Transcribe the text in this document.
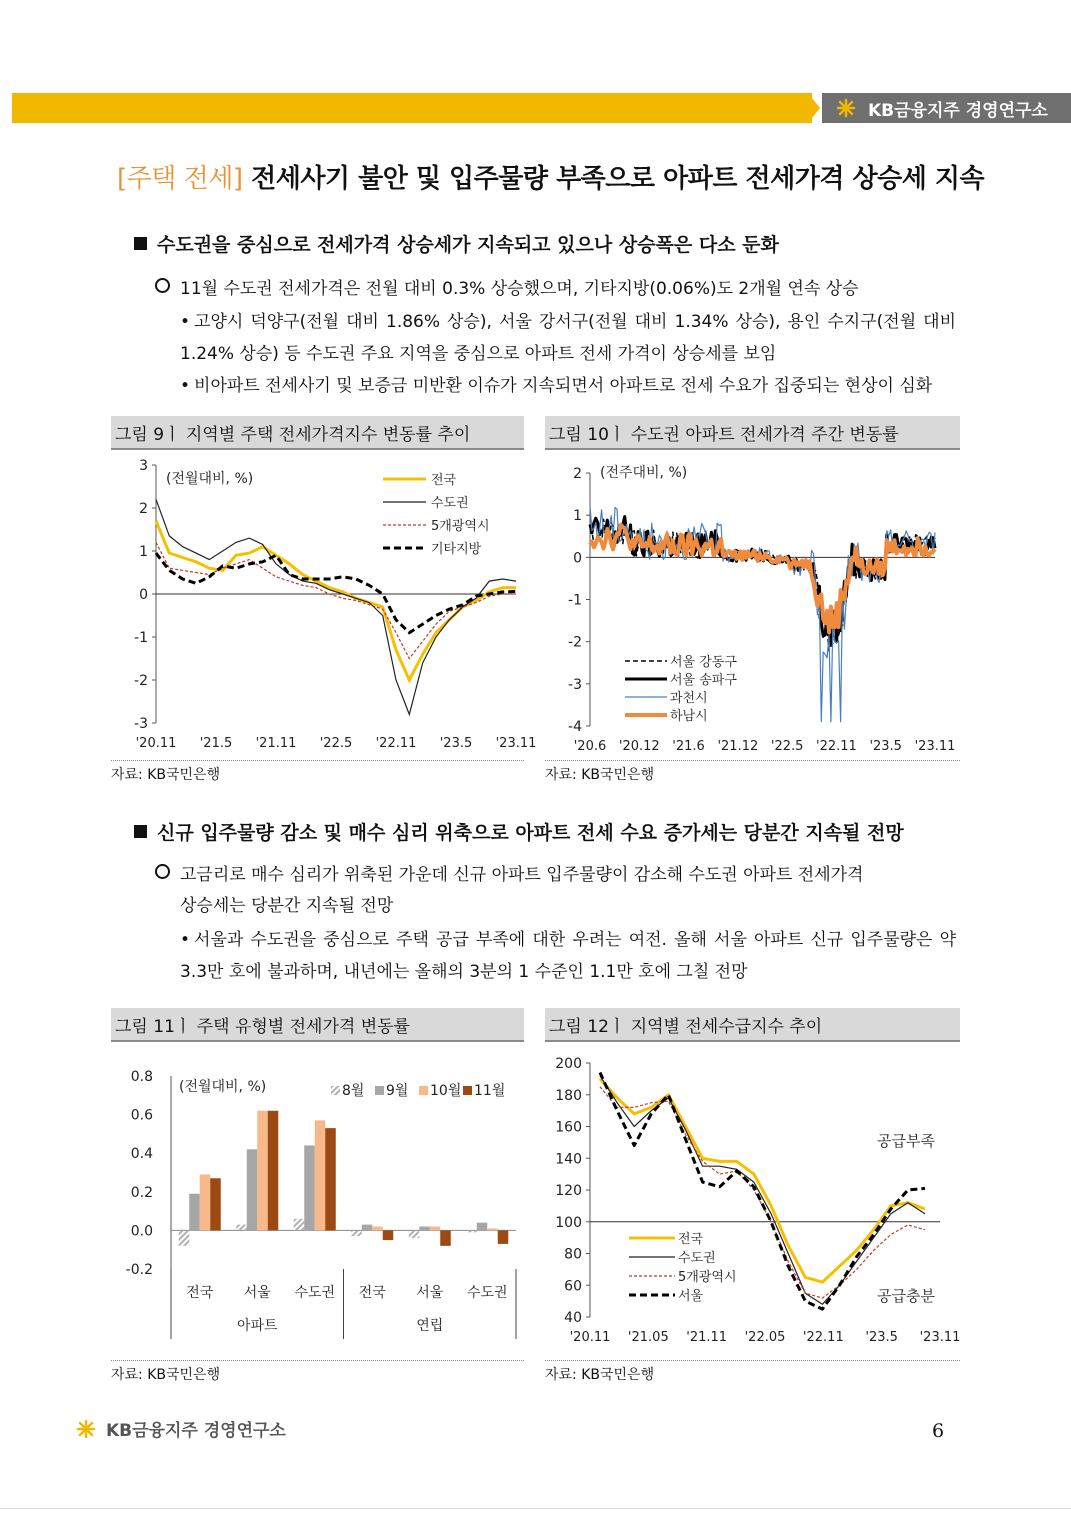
KB금융지주 경영연구소
[주택 전세] 전세사기 불안 및 입주물량 부족으로 아파트 전세가격 상승세 지속
수도권을 중심으로 전세가격 상승세가 지속되고 있으나 상승폭은 다소 둔화
11월 수도권 전세가격은 전월 대비 0.3% 상승했으며, 기타지방(0.06%)도 2개월 연속 상승
• 고양시 덕양구(전월 대비 1.86% 상승), 서울 강서구(전월 대비 1.34% 상승), 용인 수지구(전월 대비 1.24% 상승) 등 수도권 주요 지역을 중심으로 아파트 전세 가격이 상승세를 보임
• 비아파트 전세사기 및 보증금 미반환 이슈가 지속되면서 아파트로 전세 수요가 집중되는 현상이 심화
그림 9ㅣ 지역별 주택 전세가격지수 변동률 추이
3
2
1
0
-1
-2
-3
'20.11 '21.5 '21.11 '22.5 '22.11 '23.5 '23.11
(전월대비, %)	전국
수도권
5개광역시
기타지방
자료: KB국민은행
그림 10ㅣ 수도권 아파트 전세가격 주간 변동률
2
1
0
-1
-2
-3
-4
'20.6 '20.12 '21.6 '21.12 '22.5 '22.11 '23.5 '23.11
(전주대비, %)
서울 강동구
서울 송파구
과천시
하남시
자료: KB국민은행
신규 입주물량 감소 및 매수 심리 위축으로 아파트 전세 수요 증가세는 당분간 지속될 전망
고금리로 매수 심리가 위축된 가운데 신규 아파트 입주물량이 감소해 수도권 아파트 전세가격
상승세는 당분간 지속될 전망
• 서울과 수도권을 중심으로 주택 공급 부족에 대한 우려는 여전. 올해 서울 아파트 신규 입주물량은 약 3.3만 호에 불과하며, 내년에는 올해의 3분의 1 수준인 1.1만 호에 그칠 전망
그림 11ㅣ 주택 유형별 전세가격 변동률
0.8
0.6
0.4
0.2
0.0
-0.2
(전월대비, %)
전국 서울 수도권 전국 서울 수도권
아파트	연립
8월 9월 10월 11월
자료: KB국민은행
그림 12ㅣ 지역별 전세수급지수 추이
200
180
160
140
120
100
80
60
40
'20.11 '21.05 '21.11 '22.05 '22.11 '23.5 '23.11
전국
수도권
5개광역시
서울
공급부족
공급충분
자료: KB국민은행
KB금융지주 경영연구소	6
